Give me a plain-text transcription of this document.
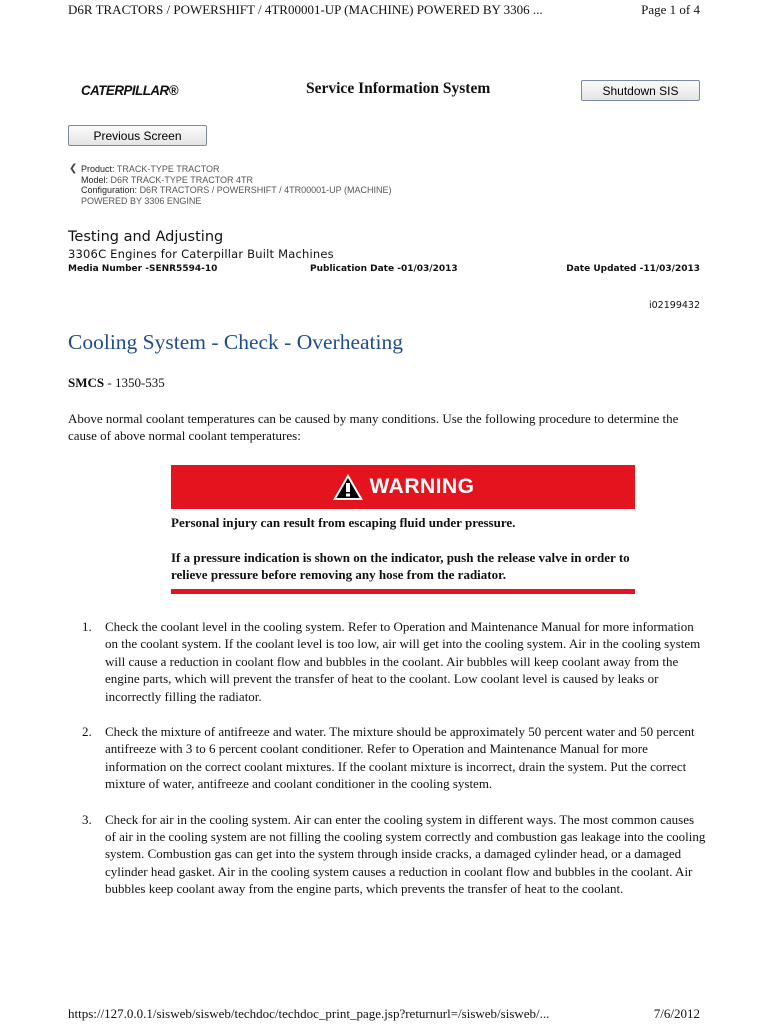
D6R TRACTORS / POWERSHIFT / 4TR00001-UP (MACHINE) POWERED BY 3306 ...	Page 1 of 4
CATERPILLAR®	Service Information System	Shutdown SIS
Previous Screen
❮ Product: TRACK-TYPE TRACTOR
Model: D6R TRACK-TYPE TRACTOR 4TR
Configuration: D6R TRACTORS / POWERSHIFT / 4TR00001-UP (MACHINE)
POWERED BY 3306 ENGINE
Testing and Adjusting
3306C Engines for Caterpillar Built Machines
Media Number -SENR5594-10	Publication Date -01/03/2013	Date Updated -11/03/2013
i02199432
Cooling System - Check - Overheating
SMCS - 1350-535
Above normal coolant temperatures can be caused by many conditions. Use the following procedure to determine the cause of above normal coolant temperatures:
WARNING

Personal injury can result from escaping fluid under pressure.

If a pressure indication is shown on the indicator, push the release valve in order to relieve pressure before removing any hose from the radiator.

1. Check the coolant level in the cooling system. Refer to Operation and Maintenance Manual for more information on the coolant system. If the coolant level is too low, air will get into the cooling system. Air in the cooling system will cause a reduction in coolant flow and bubbles in the coolant. Air bubbles will keep coolant away from the engine parts, which will prevent the transfer of heat to the coolant. Low coolant level is caused by leaks or incorrectly filling the radiator.
2. Check the mixture of antifreeze and water. The mixture should be approximately 50 percent water and 50 percent antifreeze with 3 to 6 percent coolant conditioner. Refer to Operation and Maintenance Manual for more information on the correct coolant mixtures. If the coolant mixture is incorrect, drain the system. Put the correct mixture of water, antifreeze and coolant conditioner in the cooling system.
3. Check for air in the cooling system. Air can enter the cooling system in different ways. The most common causes of air in the cooling system are not filling the cooling system correctly and combustion gas leakage into the cooling system. Combustion gas can get into the system through inside cracks, a damaged cylinder head, or a damaged cylinder head gasket. Air in the cooling system causes a reduction in coolant flow and bubbles in the coolant. Air bubbles keep coolant away from the engine parts, which prevents the transfer of heat to the coolant.
https://127.0.0.1/sisweb/sisweb/techdoc/techdoc_print_page.jsp?returnurl=/sisweb/sisweb/...	7/6/2012
